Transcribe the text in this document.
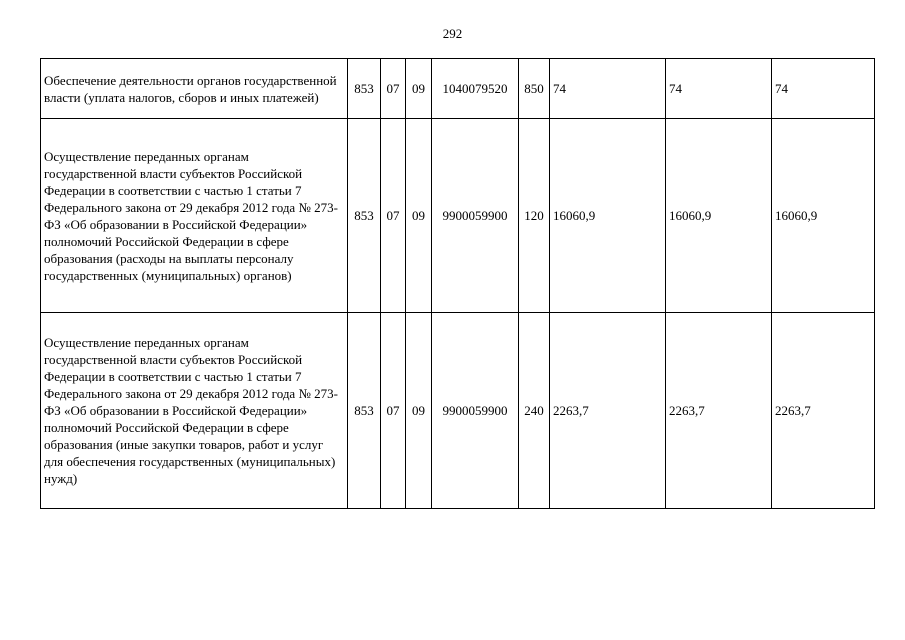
292
Обеспечение деятельности органов государственной власти (уплата налогов, сборов и иных платежей)	853	07	09	1040079520	850	74	74	74
Осуществление переданных органам государственной власти субъектов Российской Федерации в соответствии с частью 1 статьи 7 Федерального закона от 29 декабря 2012 года № 273-ФЗ «Об образовании в Российской Федерации» полномочий Российской Федерации в сфере образования (расходы на выплаты персоналу государственных (муниципальных) органов)	853	07	09	9900059900	120	16060,9	16060,9	16060,9
Осуществление переданных органам государственной власти субъектов Российской Федерации в соответствии с частью 1 статьи 7 Федерального закона от 29 декабря 2012 года № 273-ФЗ «Об образовании в Российской Федерации» полномочий Российской Федерации в сфере образования (иные закупки товаров, работ и услуг для обеспечения государственных (муниципальных) нужд)	853	07	09	9900059900	240	2263,7	2263,7	2263,7
